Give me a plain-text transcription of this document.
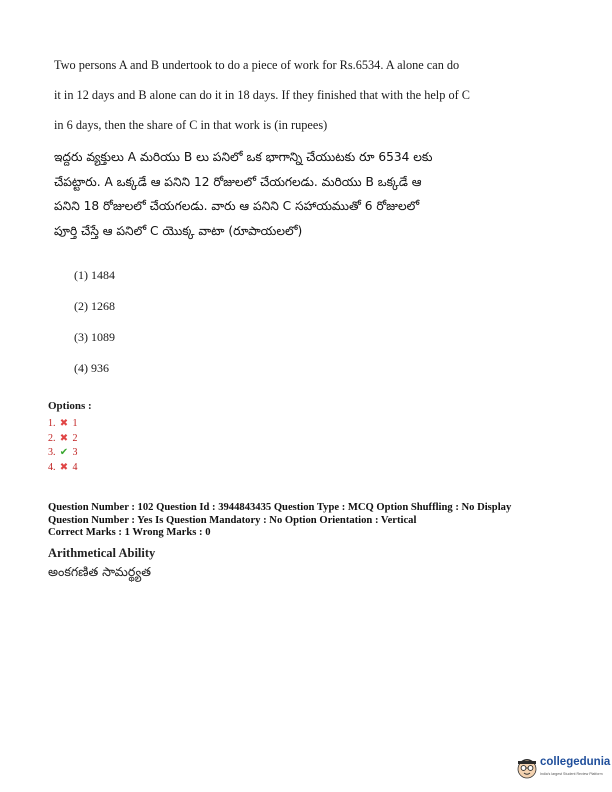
Two persons A and B undertook to do a piece of work for Rs.6534. A alone can do
it in 12 days and B alone can do it in 18 days. If they finished that with the help of C
in 6 days, then the share of C in that work is (in rupees)
ఇద్దరు వ్యక్తులు A మరియు B లు పనిలో ఒక భాగాన్ని చేయుటకు రూ 6534 లకు
చేపట్టారు. A ఒక్కడే ఆ పనిని 12 రోజులలో చేయగలడు. మరియు B ఒక్కడే ఆ
పనిని 18 రోజులలో చేయగలడు. వారు ఆ పనిని C సహాయముతో 6 రోజులలో
పూర్తి చేస్తే ఆ పనిలో C యొక్క వాటా (రూపాయలలో)
(1) 1484
(2) 1268
(3) 1089
(4) 936
Options :
1. ✖ 1
2. ✖ 2
3. ✔ 3
4. ✖ 4
Question Number : 102 Question Id : 3944843435 Question Type : MCQ Option Shuffling : No Display
Question Number : Yes Is Question Mandatory : No Option Orientation : Vertical
Correct Marks : 1 Wrong Marks : 0
Arithmetical Ability
అంకగణిత సామర్థ్యత
collegedunia
India's largest Student Review Platform
